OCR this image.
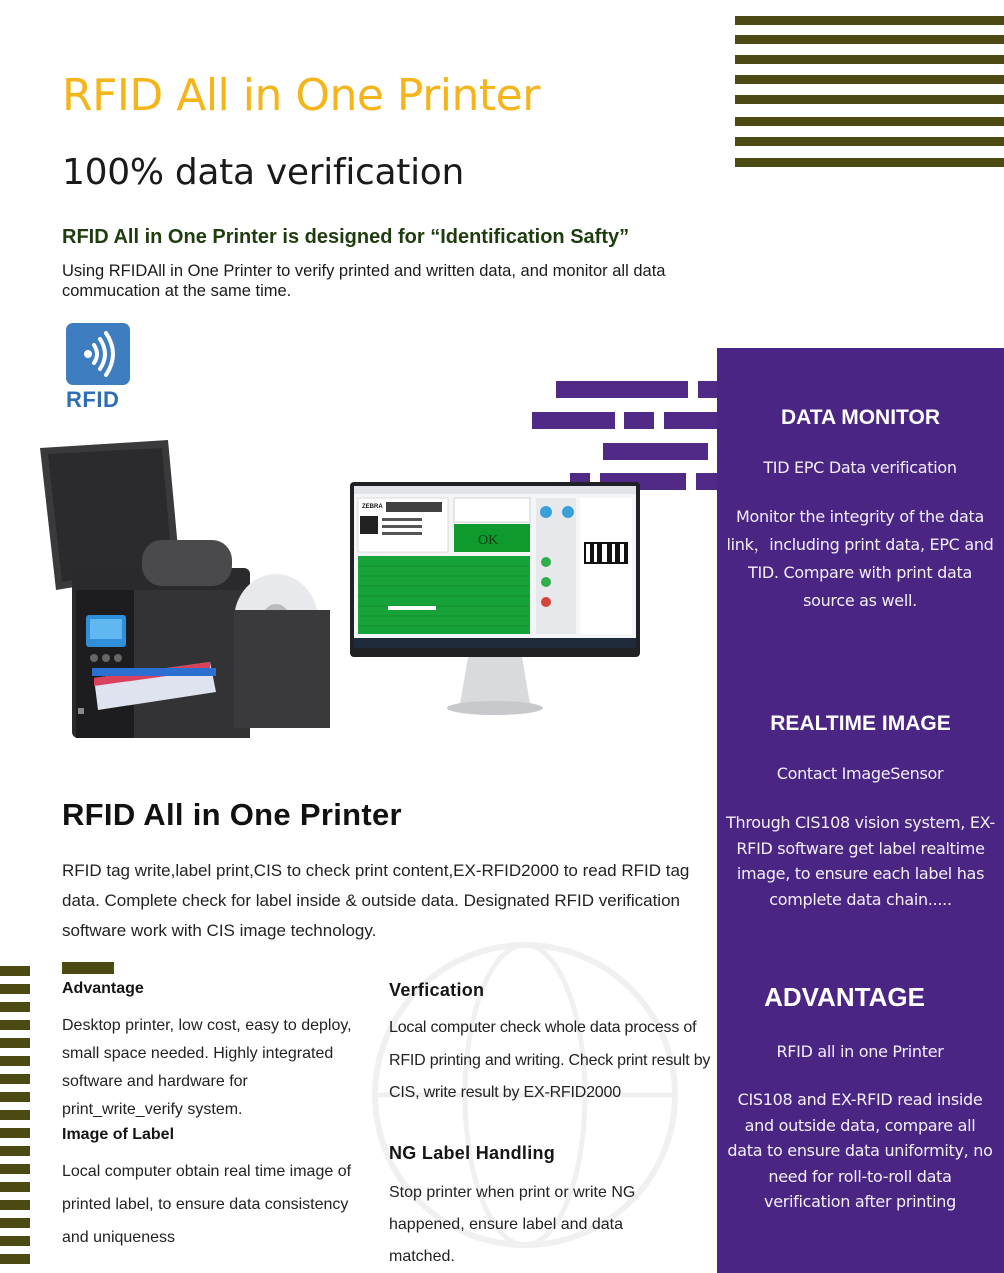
RFID All in One Printer
100% data verification
RFID All in One Printer is designed for “Identification Safty”
Using RFIDAll in One Printer to verify printed and written data, and monitor all data commucation at the same time.
RFID
ZEBRA
OK
DATA MONITOR
TID EPC Data verification
Monitor the integrity of the data link，including print data, EPC and TID. Compare with print data source as well.
REALTIME IMAGE
Contact ImageSensor
Through CIS108 vision system, EX-RFID software get label realtime image, to ensure each label has complete data chain.....
ADVANTAGE
RFID all in one Printer
CIS108 and EX-RFID read inside and outside data, compare all data to ensure data uniformity, no need for roll-to-roll data verification after printing
RFID All in One Printer
RFID tag write,label print,CIS to check print content,EX-RFID2000 to read RFID tag data. Complete check for label inside & outside data. Designated RFID verification software work with CIS image technology.
Advantage
Desktop printer, low cost, easy to deploy, small space needed. Highly integrated software and hardware for print_write_verify system.
Image of Label
Local computer obtain real time image of printed label, to ensure data consistency and uniqueness
Verfication
Local computer check whole data process of RFID printing and writing. Check print result by CIS, write result by EX-RFID2000
NG Label Handling
Stop printer when print or write NG happened, ensure label and data matched.
